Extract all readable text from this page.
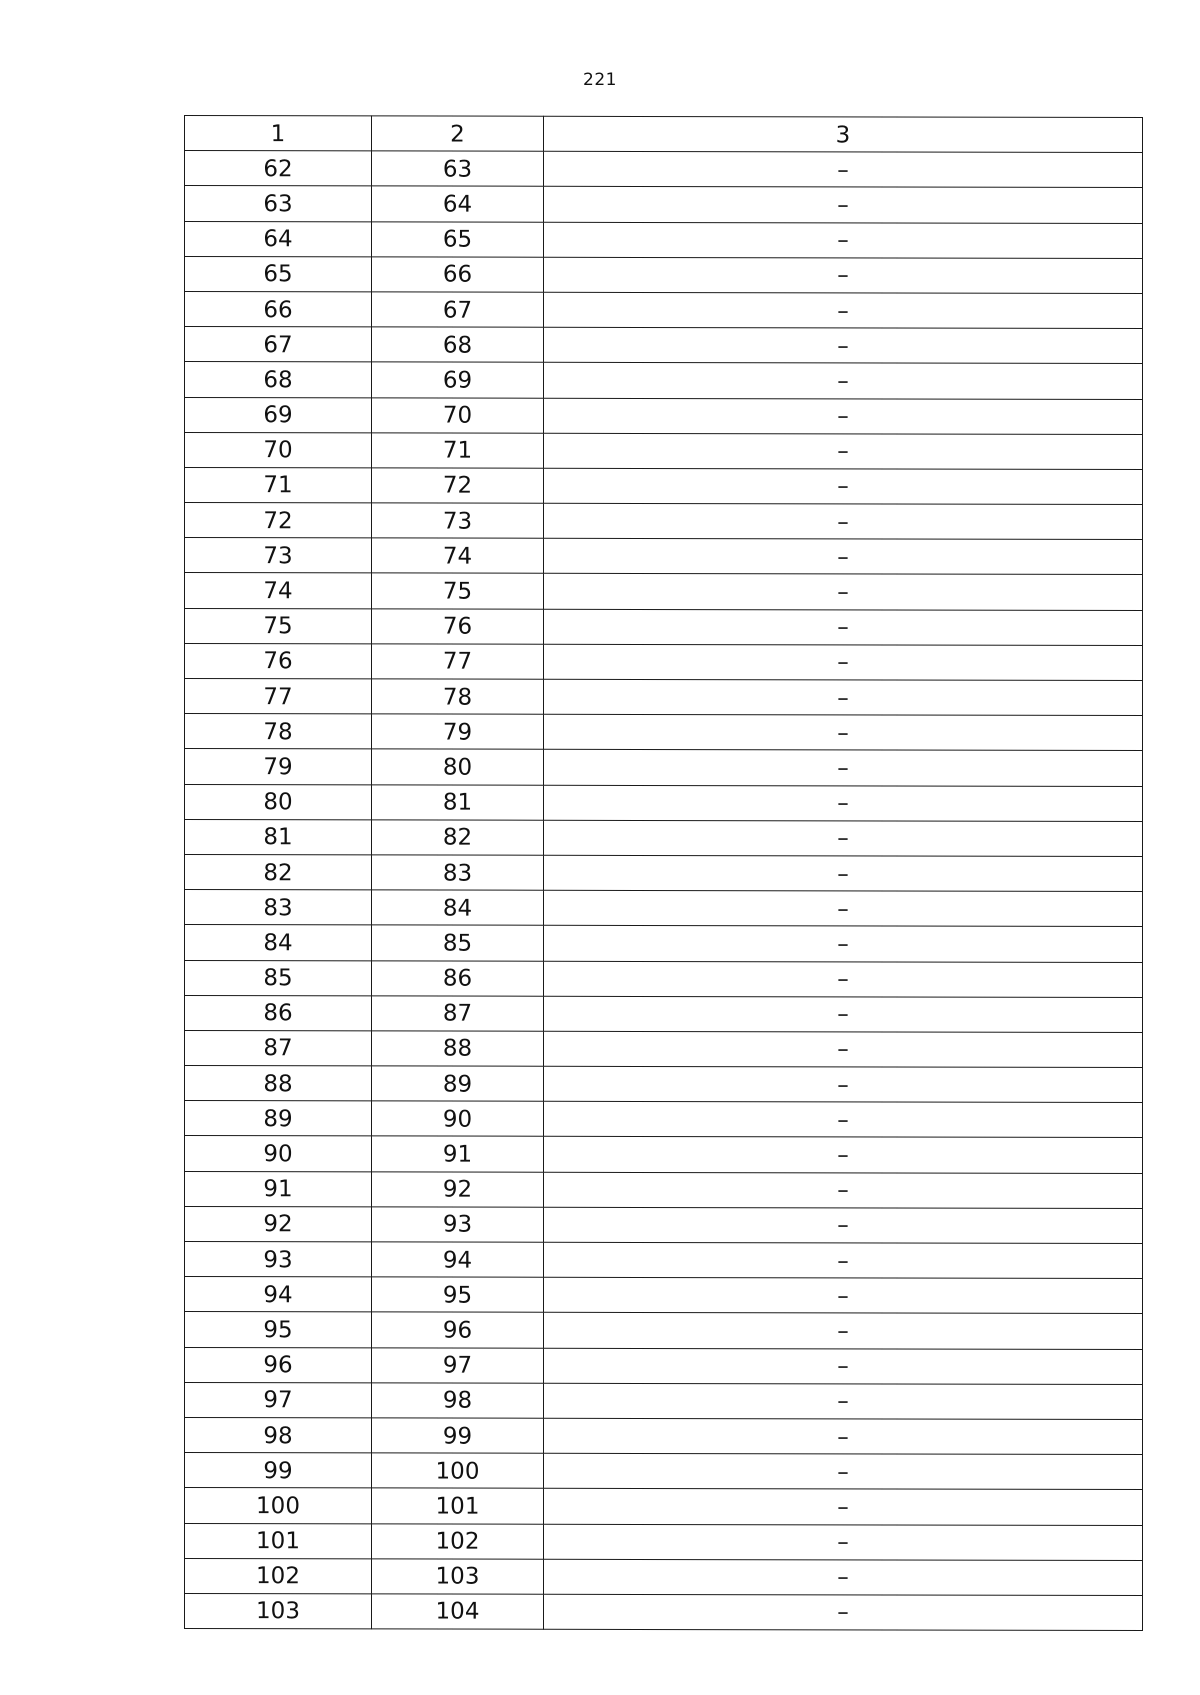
221
1	2	3
62	63	–
63	64	–
64	65	–
65	66	–
66	67	–
67	68	–
68	69	–
69	70	–
70	71	–
71	72	–
72	73	–
73	74	–
74	75	–
75	76	–
76	77	–
77	78	–
78	79	–
79	80	–
80	81	–
81	82	–
82	83	–
83	84	–
84	85	–
85	86	–
86	87	–
87	88	–
88	89	–
89	90	–
90	91	–
91	92	–
92	93	–
93	94	–
94	95	–
95	96	–
96	97	–
97	98	–
98	99	–
99	100	–
100	101	–
101	102	–
102	103	–
103	104	–
